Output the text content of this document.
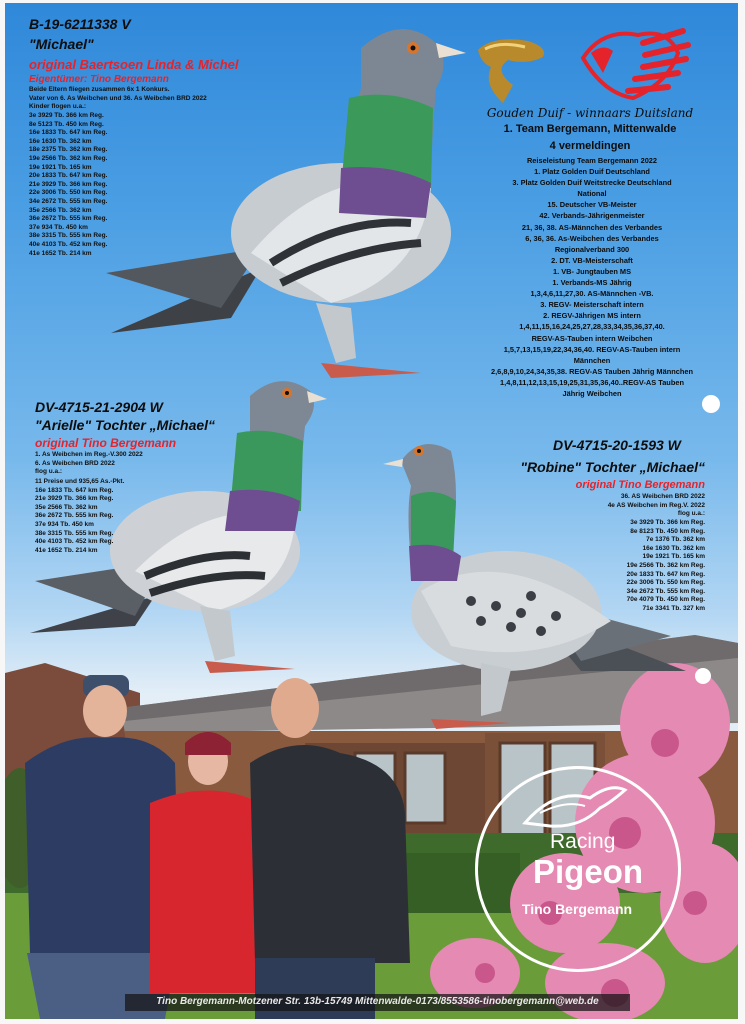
B-19-6211338 V
"Michael"
original Baertsoen Linda & Michel
Eigentümer: Tino Bergemann
Beide Eltern fliegen zusammen 6x 1 Konkurs.
Vater von 6. As Weibchen und 36. As Weibchen BRD 2022
Kinder flogen u.a.:
3e 3929 Tb. 366 km Reg.
8e 5123 Tb. 450 km Reg.
16e 1833 Tb. 647 km Reg.
16e 1630 Tb. 362 km
18e 2375 Tb. 362 km Reg.
19e 2566 Tb. 362 km Reg.
19e 1921 Tb. 165 km
20e 1833 Tb. 647 km Reg.
21e 3929 Tb. 366 km Reg.
22e 3006 Tb. 550 km Reg.
34e 2672 Tb. 555 km Reg.
35e 2566 Tb. 362 km
36e 2672 Tb. 555 km Reg.
37e 934 Tb. 450 km
38e 3315 Tb. 555 km Reg.
40e 4103 Tb. 452 km Reg.
41e 1652 Tb. 214 km
Gouden Duif - winnaars Duitsland
1. Team Bergemann, Mittenwalde
4 vermeldingen
Reiseleistung Team Bergemann 2022
1. Platz Golden Duif Deutschland
3. Platz Golden Duif Weitstrecke Deutschland
National
15. Deutscher VB-Meister
42. Verbands-Jährigenmeister
21, 36, 38. AS-Männchen des Verbandes
6, 36, 36. As-Weibchen des Verbandes
Regionalverband 300
2. DT. VB-Meisterschaft
1. VB- Jungtauben MS
1. Verbands-MS Jährig
1,3,4,6,11,27,30. AS-Männchen -VB.
3. REGV- Meisterschaft intern
2. REGV-Jährigen MS intern
1,4,11,15,16,24,25,27,28,33,34,35,36,37,40.
REGV-AS-Tauben intern Weibchen
1,5,7,13,15,19,22,34,36,40. REGV-AS-Tauben intern
Männchen
2,6,8,9,10,24,34,35,38. REGV-AS Tauben Jährig Männchen
1,4,8,11,12,13,15,19,25,31,35,36,40..REGV-AS Tauben
Jährig Weibchen
DV-4715-21-2904 W
"Arielle" Tochter „Michael“
original Tino Bergemann
1. As Weibchen im Reg.-V.300 2022
6. As Weibchen BRD 2022
flog u.a.:
11 Preise und 935,65 As.-Pkt.
16e 1833 Tb. 647 km Reg.
21e 3929 Tb. 366 km Reg.
35e 2566 Tb. 362 km
36e 2672 Tb. 555 km Reg.
37e 934 Tb. 450 km
38e 3315 Tb. 555 km Reg.
40e 4103 Tb. 452 km Reg.
41e 1652 Tb. 214 km
DV-4715-20-1593 W
"Robine" Tochter „Michael“
original Tino Bergemann
36. AS Weibchen BRD 2022
4e AS Weibchen im Reg.V. 2022
flog u.a.:
3e 3929 Tb. 366 km Reg.
8e 8123 Tb. 450 km Reg.
7e 1376 Tb. 362 km
16e 1630 Tb. 362 km
19e 1921 Tb. 165 km
19e 2566 Tb. 362 km Reg.
20e 1833 Tb. 647 km Reg.
22e 3006 Tb. 550 km Reg.
34e 2672 Tb. 555 km Reg.
70e 4079 Tb. 450 km Reg.
71e 3341 Tb. 327 km
Racing
Pigeon
Tino Bergemann
Tino Bergemann-Motzener Str. 13b-15749 Mittenwalde-0173/8553586-tinobergemann@web.de
